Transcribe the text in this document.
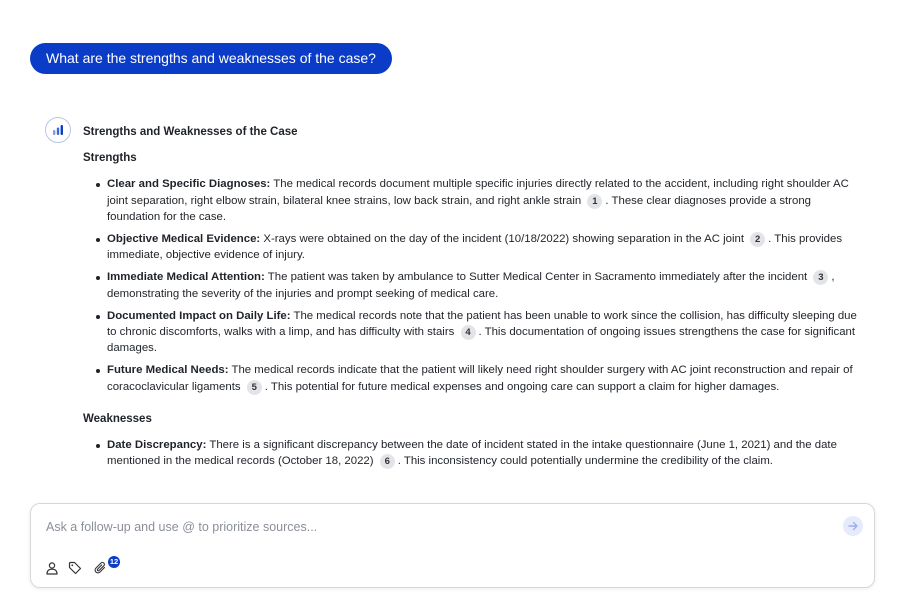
What are the strengths and weaknesses of the case?
Strengths and Weaknesses of the Case
Strengths
Clear and Specific Diagnoses: The medical records document multiple specific injuries directly related to the accident, including right shoulder AC joint separation, right elbow strain, bilateral knee strains, low back strain, and right ankle strain 1 . These clear diagnoses provide a strong foundation for the case.
Objective Medical Evidence: X-rays were obtained on the day of the incident (10/18/2022) showing separation in the AC joint 2 . This provides immediate, objective evidence of injury.
Immediate Medical Attention: The patient was taken by ambulance to Sutter Medical Center in Sacramento immediately after the incident 3 , demonstrating the severity of the injuries and prompt seeking of medical care.
Documented Impact on Daily Life: The medical records note that the patient has been unable to work since the collision, has difficulty sleeping due to chronic discomforts, walks with a limp, and has difficulty with stairs 4 . This documentation of ongoing issues strengthens the case for significant damages.
Future Medical Needs: The medical records indicate that the patient will likely need right shoulder surgery with AC joint reconstruction and repair of coracoclavicular ligaments 5 . This potential for future medical expenses and ongoing care can support a claim for higher damages.
Weaknesses
Date Discrepancy: There is a significant discrepancy between the date of incident stated in the intake questionnaire (June 1, 2021) and the date mentioned in the medical records (October 18, 2022) 6 . This inconsistency could potentially undermine the credibility of the claim.
Ask a follow-up and use @ to prioritize sources...
12
